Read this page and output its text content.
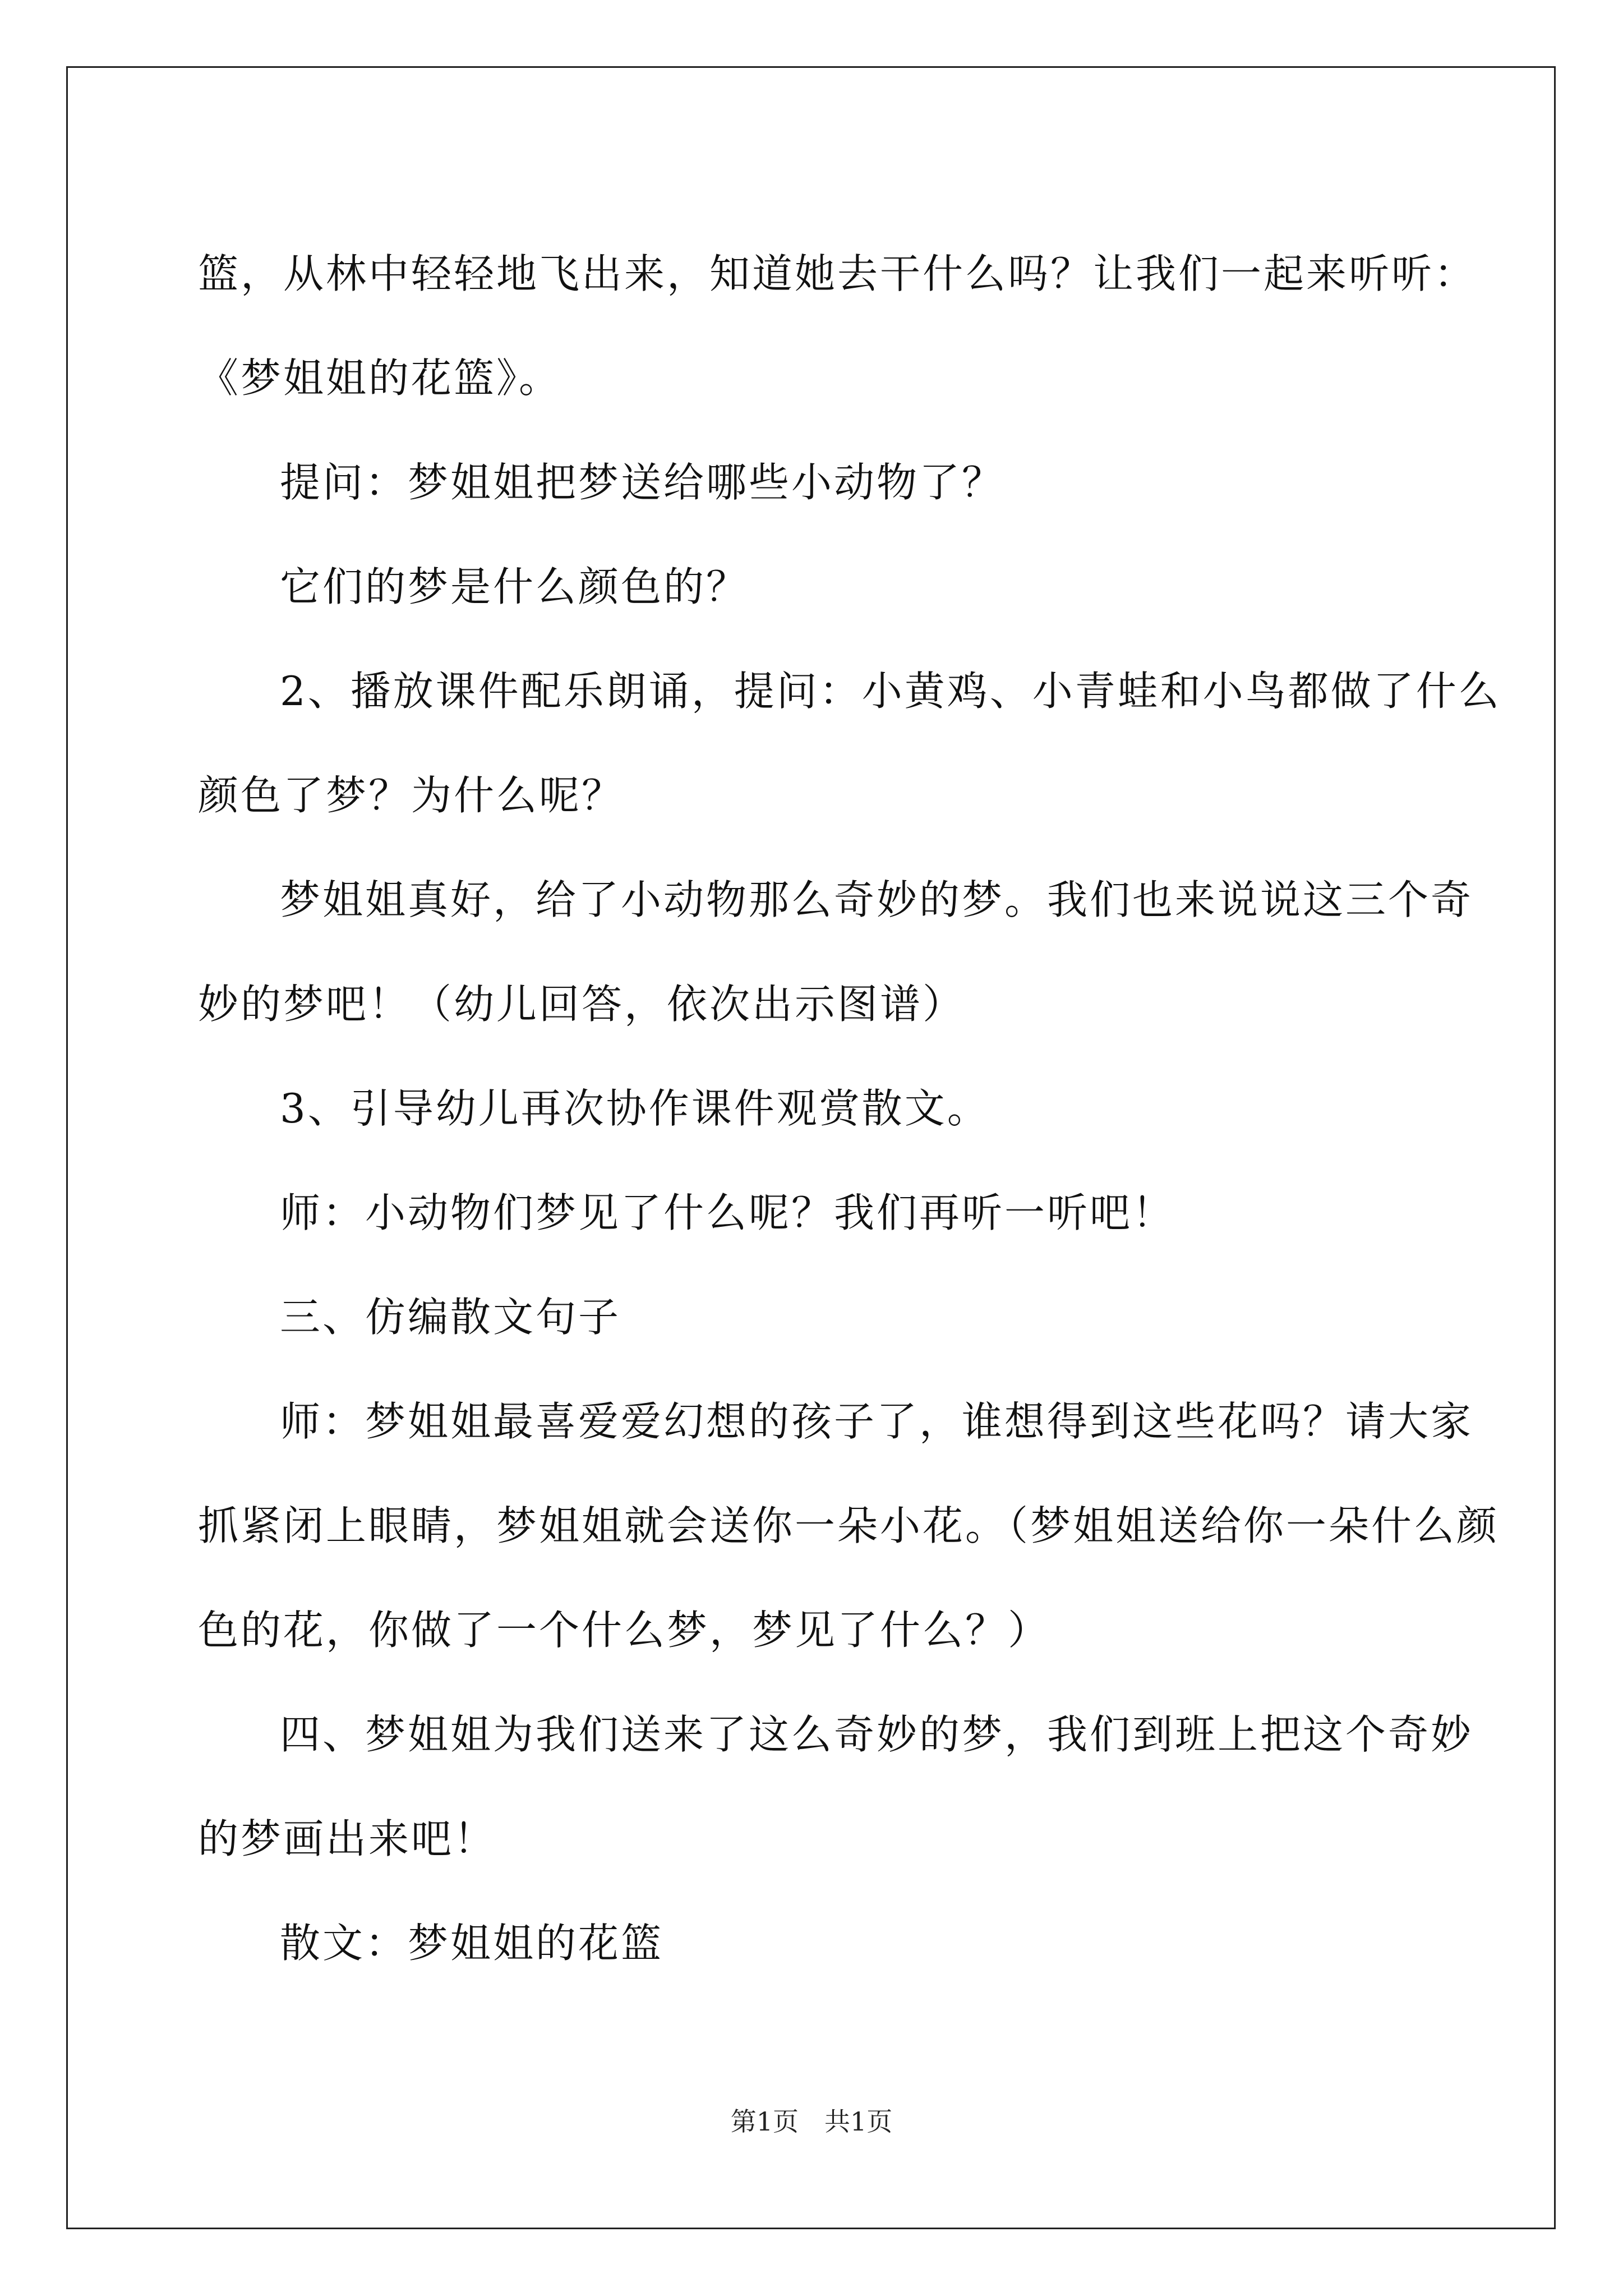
篮，从林中轻轻地飞出来，知道她去干什么吗？让我们一起来听听：
《梦姐姐的花篮》。

提问：梦姐姐把梦送给哪些小动物了？

它们的梦是什么颜色的？

2、播放课件配乐朗诵，提问：小黄鸡、小青蛙和小鸟都做了什么
颜色了梦？为什么呢？

梦姐姐真好，给了小动物那么奇妙的梦。我们也来说说这三个奇
妙的梦吧！（幼儿回答，依次出示图谱）

3、引导幼儿再次协作课件观赏散文。

师：小动物们梦见了什么呢？我们再听一听吧！

三、仿编散文句子

师：梦姐姐最喜爱爱幻想的孩子了，谁想得到这些花吗？请大家
抓紧闭上眼睛，梦姐姐就会送你一朵小花。（梦姐姐送给你一朵什么颜
色的花，你做了一个什么梦，梦见了什么？）

四、梦姐姐为我们送来了这么奇妙的梦，我们到班上把这个奇妙
的梦画出来吧！

散文：梦姐姐的花篮

第1页 共1页
